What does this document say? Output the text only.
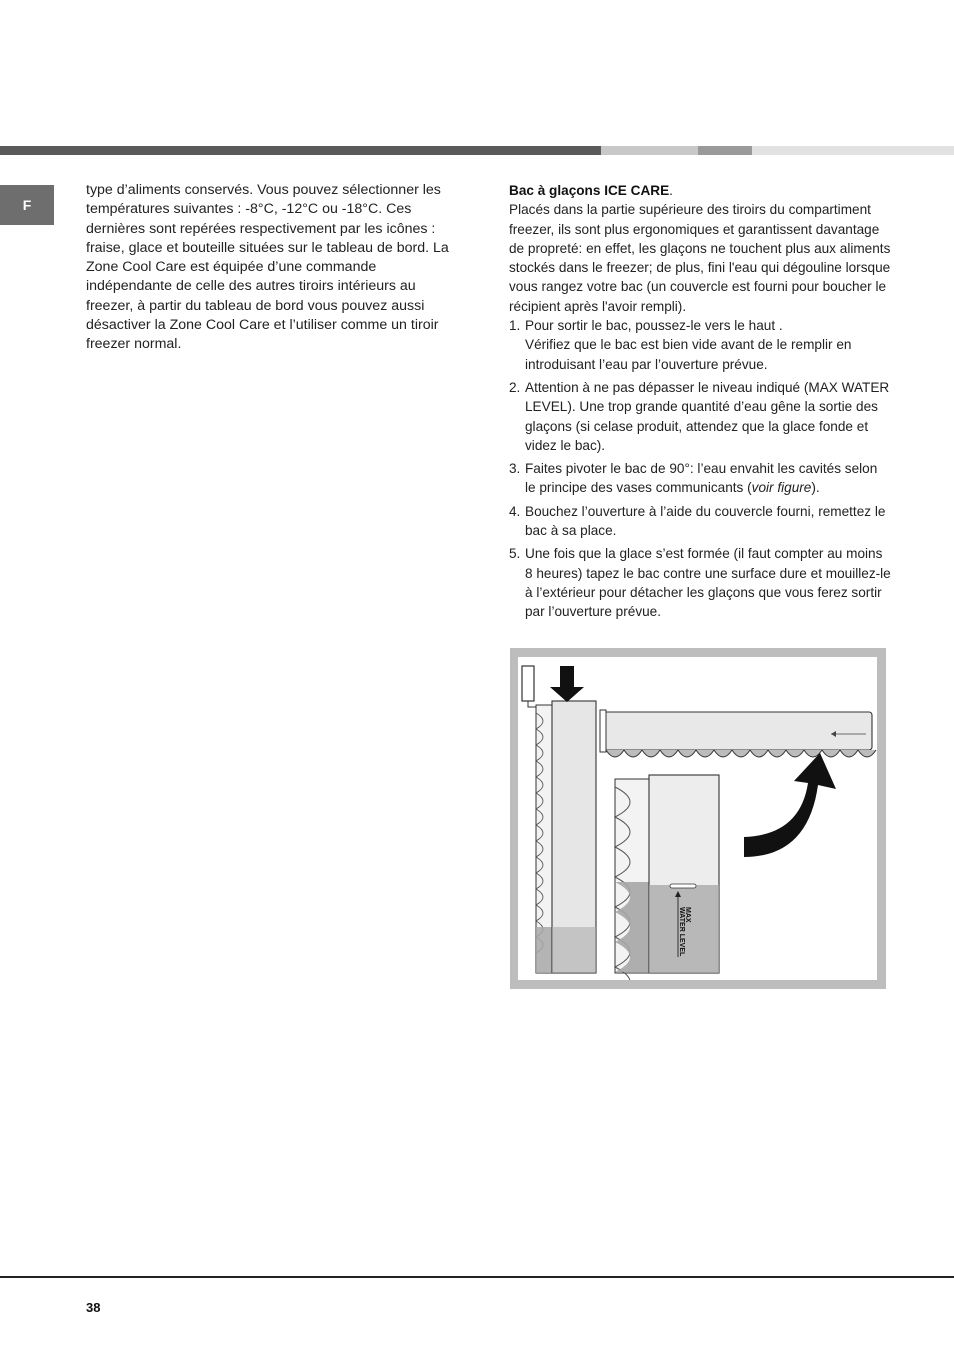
F
type d’aliments conservés. Vous pouvez sélectionner les températures suivantes : -8°C, -12°C ou -18°C. Ces dernières sont repérées respectivement par les icônes : fraise, glace et bouteille situées sur le tableau de bord. La Zone Cool Care est équipée d’une commande indépendante de celle des autres tiroirs intérieurs au freezer, à partir du tableau de bord vous pouvez aussi désactiver la Zone Cool Care et l’utiliser comme un tiroir freezer normal.

Bac à glaçons ICE CARE.

Placés dans la partie supérieure des tiroirs du compartiment freezer, ils sont plus ergonomiques et garantissent davantage de propreté: en effet, les glaçons ne touchent plus aux aliments stockés dans le freezer; de plus, fini l'eau qui dégouline lorsque vous rangez votre bac (un couvercle est fourni pour boucher le récipient après l'avoir rempli).

1. Pour sortir le bac, poussez-le vers le haut .
Vérifiez que le bac est bien vide avant de le remplir en introduisant l’eau par l’ouverture prévue.
2. Attention à ne pas dépasser le niveau indiqué (MAX WATER LEVEL). Une trop grande quantité d’eau gêne la sortie des glaçons (si celase produit, attendez que la glace fonde et videz le bac).
3. Faites pivoter le bac de 90°: l’eau envahit les cavités selon le principe des vases communicants (voir figure).
4. Bouchez l’ouverture à l’aide du couvercle fourni, remettez le bac à sa place.
5. Une fois que la glace s’est formée (il faut compter au moins 8 heures) tapez le bac contre une surface dure et mouillez-le à l’extérieur pour détacher les glaçons que vous ferez sortir par l’ouverture prévue.
MAX
WATER LEVEL
38
